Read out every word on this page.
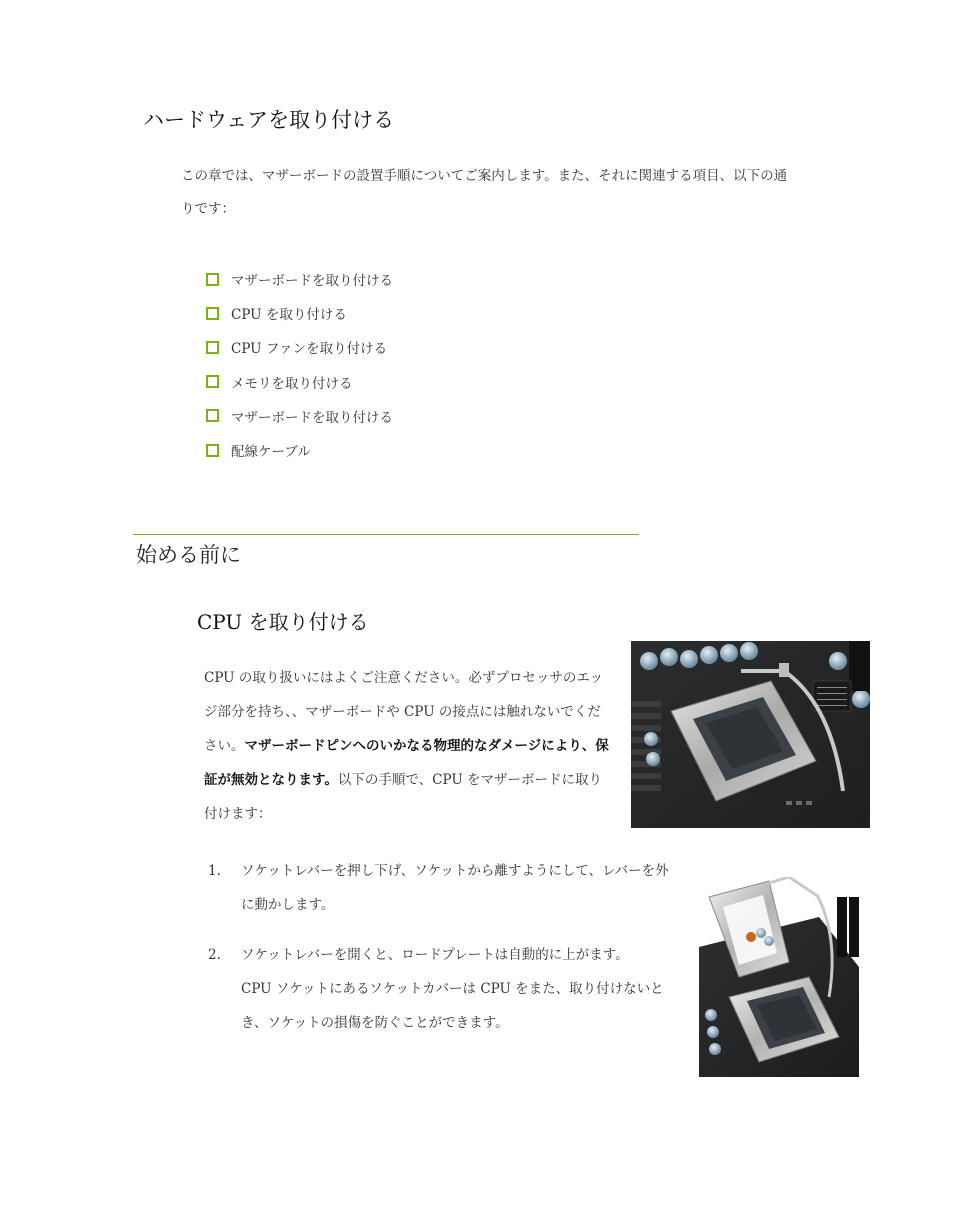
ハードウェアを取り付ける
この章では、マザーボードの設置手順についてご案内します。また、それに関連する項目、以下の通りです：
マザーボードを取り付ける
CPU を取り付ける
CPU ファンを取り付ける
メモリを取り付ける
マザーボードを取り付ける
配線ケーブル
始める前に
CPU を取り付ける
CPU の取り扱いにはよくご注意ください。必ずプロセッサのエッジ部分を持ち、、マザーボードや CPU の接点には触れないでください。マザーボードピンへのいかなる物理的なダメージにより、保証が無効となります。以下の手順で、CPU をマザーボードに取り付けます：
1.	ソケットレバーを押し下げ、ソケットから離すようにして、レバーを外に動かします。
2.	ソケットレバーを開くと、ロードプレートは自動的に上がます。
CPU ソケットにあるソケットカバーは CPU をまた、取り付けないとき、ソケットの損傷を防ぐことができます。
